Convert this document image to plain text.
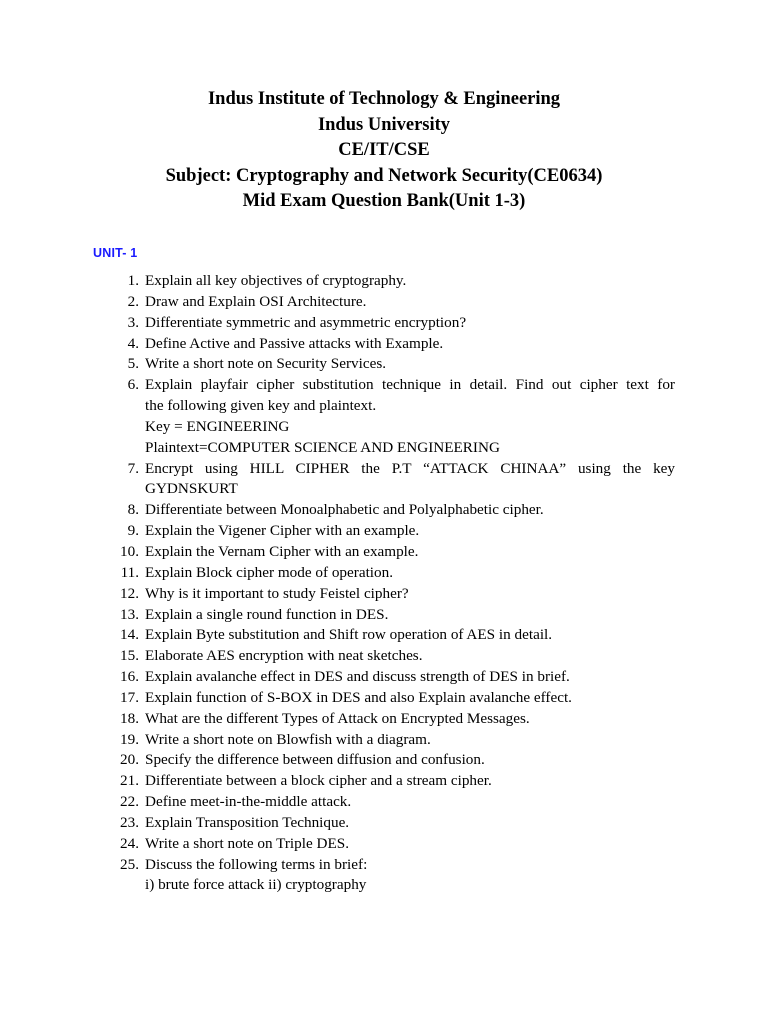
Indus Institute of Technology & Engineering
Indus University
CE/IT/CSE
Subject: Cryptography and Network Security(CE0634)
Mid Exam Question Bank(Unit 1-3)
UNIT- 1
1. Explain all key objectives of cryptography.
2. Draw and Explain OSI Architecture.
3. Differentiate symmetric and asymmetric encryption?
4. Define Active and Passive attacks with Example.
5. Write a short note on Security Services.
6. Explain playfair cipher substitution technique in detail. Find out cipher text for
the following given key and plaintext.
Key = ENGINEERING
Plaintext=COMPUTER SCIENCE AND ENGINEERING
7. Encrypt using HILL CIPHER the P.T “ATTACK CHINAA” using the key
GYDNSKURT
8. Differentiate between Monoalphabetic and Polyalphabetic cipher.
9. Explain the Vigener Cipher with an example.
10. Explain the Vernam Cipher with an example.
11. Explain Block cipher mode of operation.
12. Why is it important to study Feistel cipher?
13. Explain a single round function in DES.
14. Explain Byte substitution and Shift row operation of AES in detail.
15. Elaborate AES encryption with neat sketches.
16. Explain avalanche effect in DES and discuss strength of DES in brief.
17. Explain function of S-BOX in DES and also Explain avalanche effect.
18. What are the different Types of Attack on Encrypted Messages.
19. Write a short note on Blowfish with a diagram.
20. Specify the difference between diffusion and confusion.
21. Differentiate between a block cipher and a stream cipher.
22. Define meet-in-the-middle attack.
23. Explain Transposition Technique.
24. Write a short note on Triple DES.
25. Discuss the following terms in brief:
i) brute force attack ii) cryptography
